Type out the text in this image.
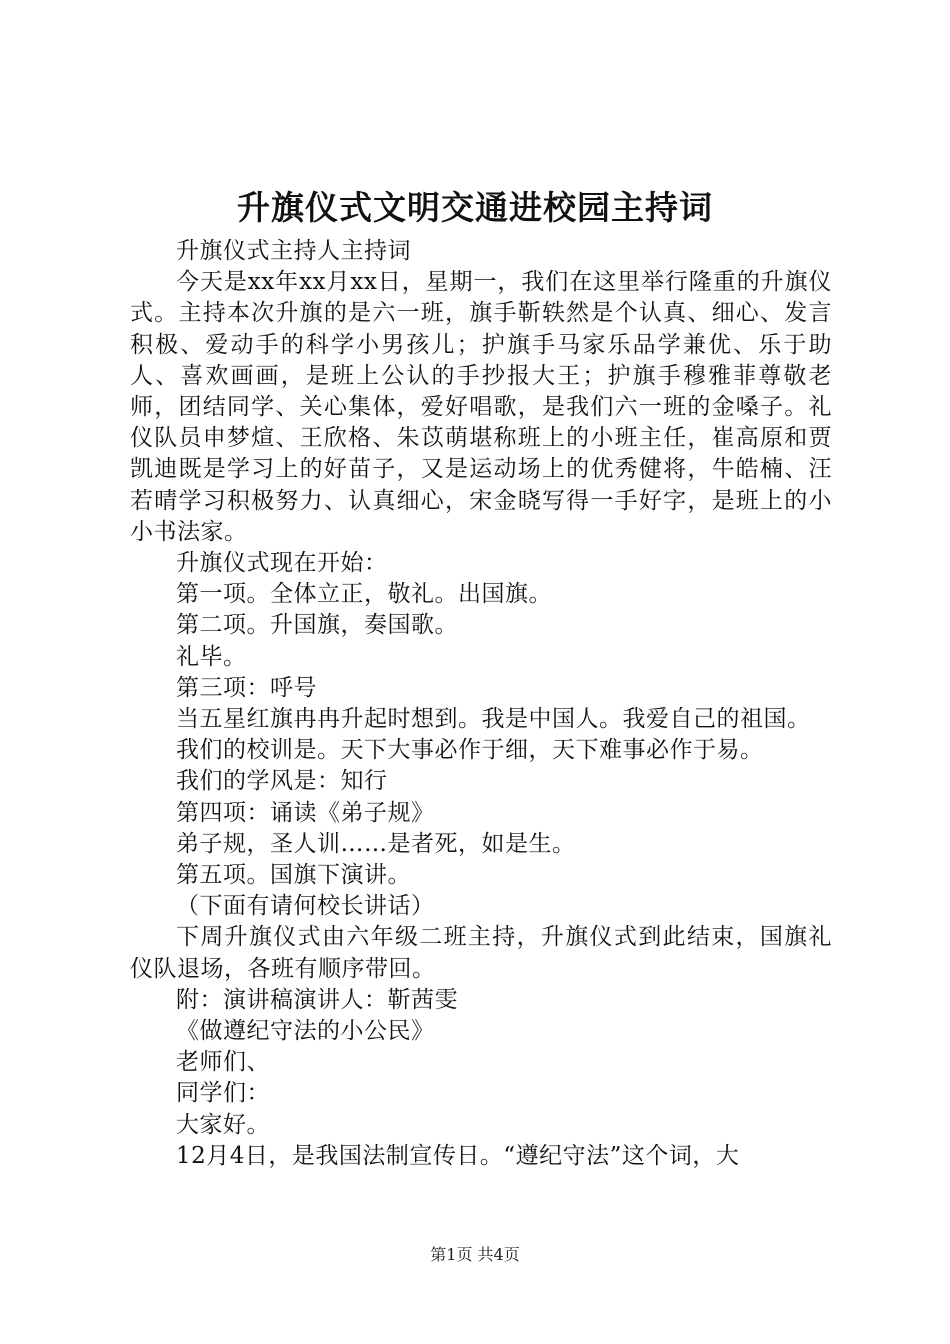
升旗仪式文明交通进校园主持词

升旗仪式主持人主持词

今天是xx年xx月xx日，星期一，我们在这里举行隆重的升旗仪式。主持本次升旗的是六一班，旗手靳轶然是个认真、细心、发言积极、爱动手的科学小男孩儿；护旗手马家乐品学兼优、乐于助人、喜欢画画，是班上公认的手抄报大王；护旗手穆雅菲尊敬老师，团结同学、关心集体，爱好唱歌，是我们六一班的金嗓子。礼仪队员申梦煊、王欣格、朱苡萌堪称班上的小班主任，崔高原和贾凯迪既是学习上的好苗子，又是运动场上的优秀健将，牛皓楠、汪若晴学习积极努力、认真细心，宋金晓写得一手好字，是班上的小小书法家。

升旗仪式现在开始：

第一项。全体立正，敬礼。出国旗。

第二项。升国旗，奏国歌。

礼毕。

第三项：呼号

当五星红旗冉冉升起时想到。我是中国人。我爱自己的祖国。

我们的校训是。天下大事必作于细，天下难事必作于易。

我们的学风是：知行

第四项：诵读《弟子规》

弟子规，圣人训……是者死，如是生。

第五项。国旗下演讲。

（下面有请何校长讲话）

下周升旗仪式由六年级二班主持，升旗仪式到此结束，国旗礼仪队退场，各班有顺序带回。

附：演讲稿演讲人：靳茜雯

《做遵纪守法的小公民》

老师们、

同学们：

大家好。

12月4日，是我国法制宣传日。“遵纪守法”这个词，大

第1页 共4页
